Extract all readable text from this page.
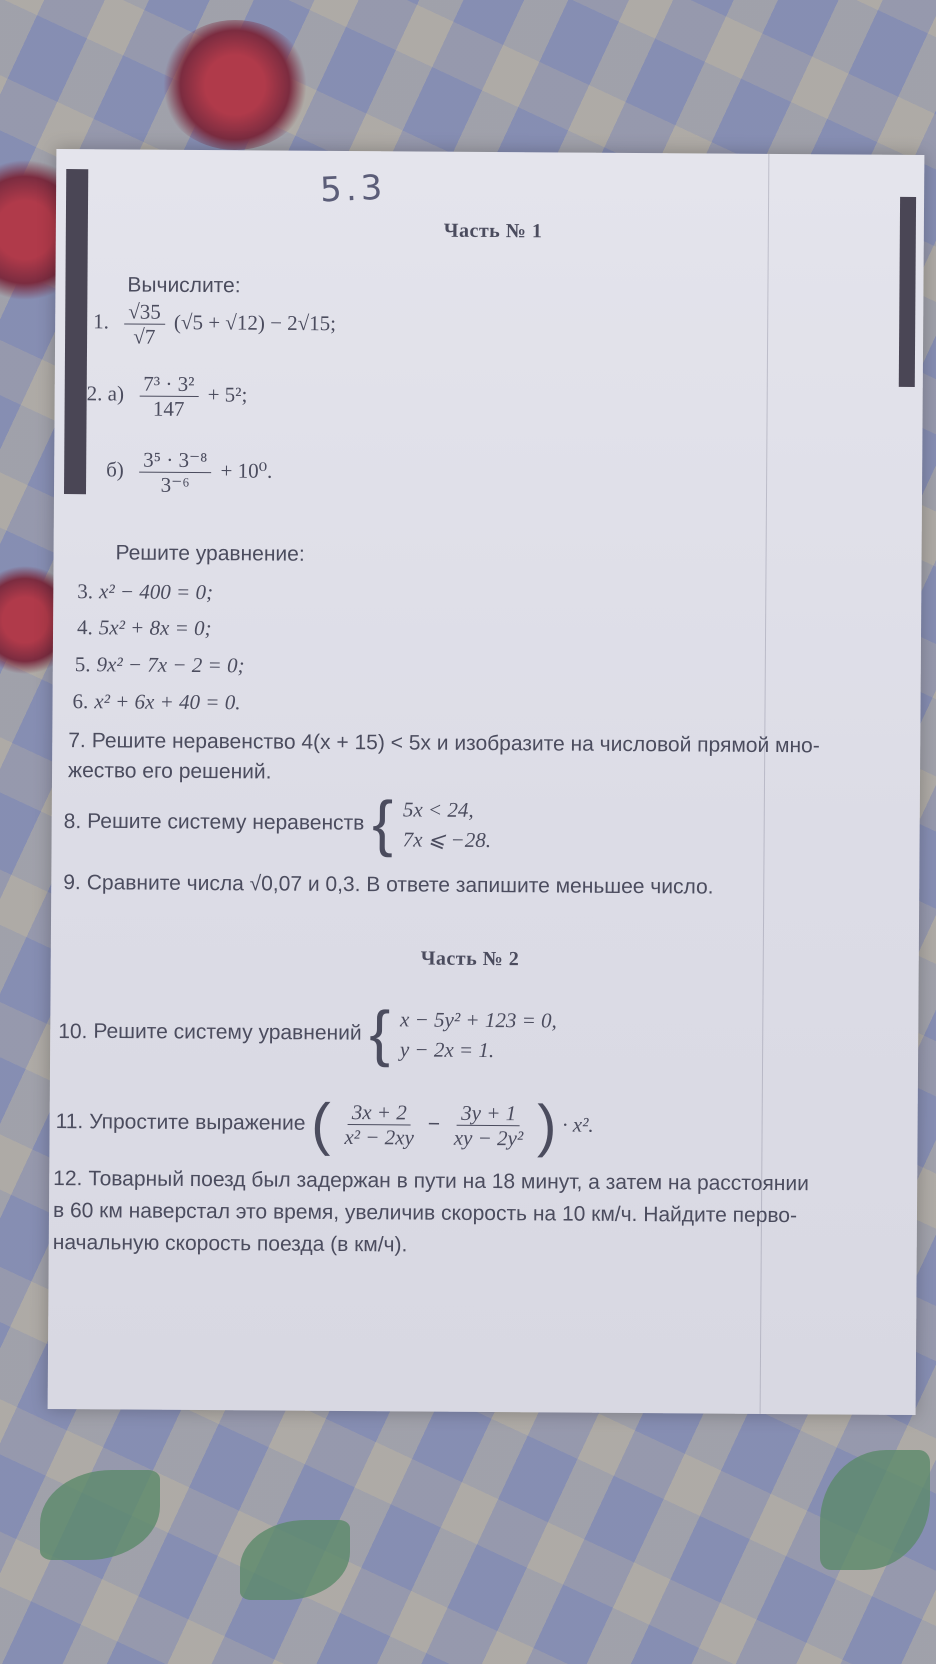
5.3
Часть № 1
Вычислите:
1. $\frac{√35}{√7} (√5 + √12) - 2√15$;
2. $а) \frac{\text{7³ · 3²}}{147} + 5^2$;
$б) \frac{\text{3⁵ · 3⁻⁸}}{\text{3⁻⁶}} + 10^0$.
Решите уравнение:
3. x² − 400 = 0;
4. 5x² + 8x = 0;
5. 9x² − 7x − 2 = 0;
6. x² + 6x + 40 = 0.
7. Решите неравенство 4(x + 15) < 5x и изобразите на числовой прямой мно-
жество его решений.
8. Решите систему неравенств { 5x < 24,
7x ⩽ −28.
9. Сравните числа √0,07 и 0,3. В ответе запишите меньшее число.
Часть № 2
10. Решите систему уравнений { x − 5y² + 123 = 0,
y − 2x = 1.
11. Упростите выражение ( $\frac{3x + 2}{\text{x² − 2xy}} - \frac{3y + 1}{\text{xy − 2y²}}$ ) · x².
12. Товарный поезд был задержан в пути на 18 минут, а затем на расстоянии
в 60 км наверстал это время, увеличив скорость на 10 км/ч. Найдите перво-
начальную скорость поезда (в км/ч).
